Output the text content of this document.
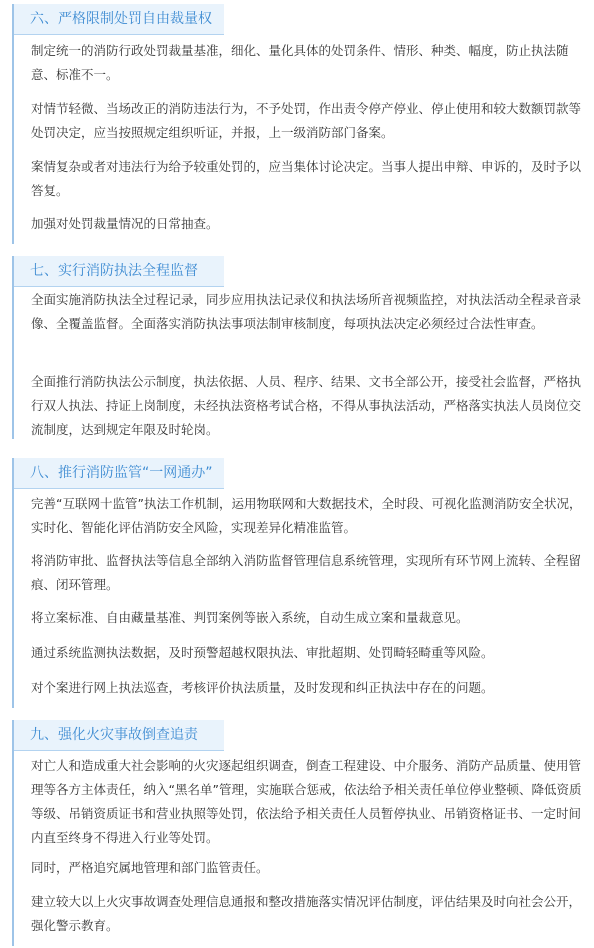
六、严格限制处罚自由裁量权

制定统一的消防行政处罚裁量基准，细化、量化具体的处罚条件、情形、种类、幅度，防止执法随意、标准不一。

对情节轻微、当场改正的消防违法行为，不予处罚，作出责令停产停业、停止使用和较大数额罚款等处罚决定，应当按照规定组织听证，并报，上一级消防部门备案。

案情复杂或者对违法行为给予较重处罚的，应当集体讨论决定。当事人提出申辩、申诉的，及时予以答复。

加强对处罚裁量情况的日常抽查。

七、实行消防执法全程监督

全面实施消防执法全过程记录，同步应用执法记录仪和执法场所音视频监控，对执法活动全程录音录像、全覆盖监督。全面落实消防执法事项法制审核制度，每项执法决定必须经过合法性审查。

全面推行消防执法公示制度，执法依据、人员、程序、结果、文书全部公开，接受社会监督，严格执行双人执法、持证上岗制度，未经执法资格考试合格，不得从事执法活动，严格落实执法人员岗位交流制度，达到规定年限及时轮岗。

八、推行消防监管“一网通办”

完善“互联网十监管”执法工作机制，运用物联网和大数据技术，全时段、可视化监测消防安全状况，实时化、智能化评估消防安全风险，实现差异化精准监管。

将消防审批、监督执法等信息全部纳入消防监督管理信息系统管理，实现所有环节网上流转、全程留痕、闭环管理。

将立案标准、自由藏量基准、判罚案例等嵌入系统，自动生成立案和量裁意见。

通过系统监测执法数据，及时预警超越权限执法、审批超期、处罚畸轻畸重等风险。

对个案进行网上执法巡查，考核评价执法质量，及时发现和纠正执法中存在的问题。

九、强化火灾事故倒查追责

对亡人和造成重大社会影响的火灾逐起组织调查，倒查工程建设、中介服务、消防产品质量、使用管理等各方主体责任，纳入“黑名单”管理，实施联合惩戒，依法给予相关责任单位停业整顿、降低资质等级、吊销资质证书和营业执照等处罚，依法给予相关责任人员暂停执业、吊销资格证书、一定时间内直至终身不得进入行业等处罚。

同时，严格追究属地管理和部门监管责任。

建立较大以上火灾事故调查处理信息通报和整改措施落实情况评估制度，评估结果及时向社会公开，强化警示教育。
